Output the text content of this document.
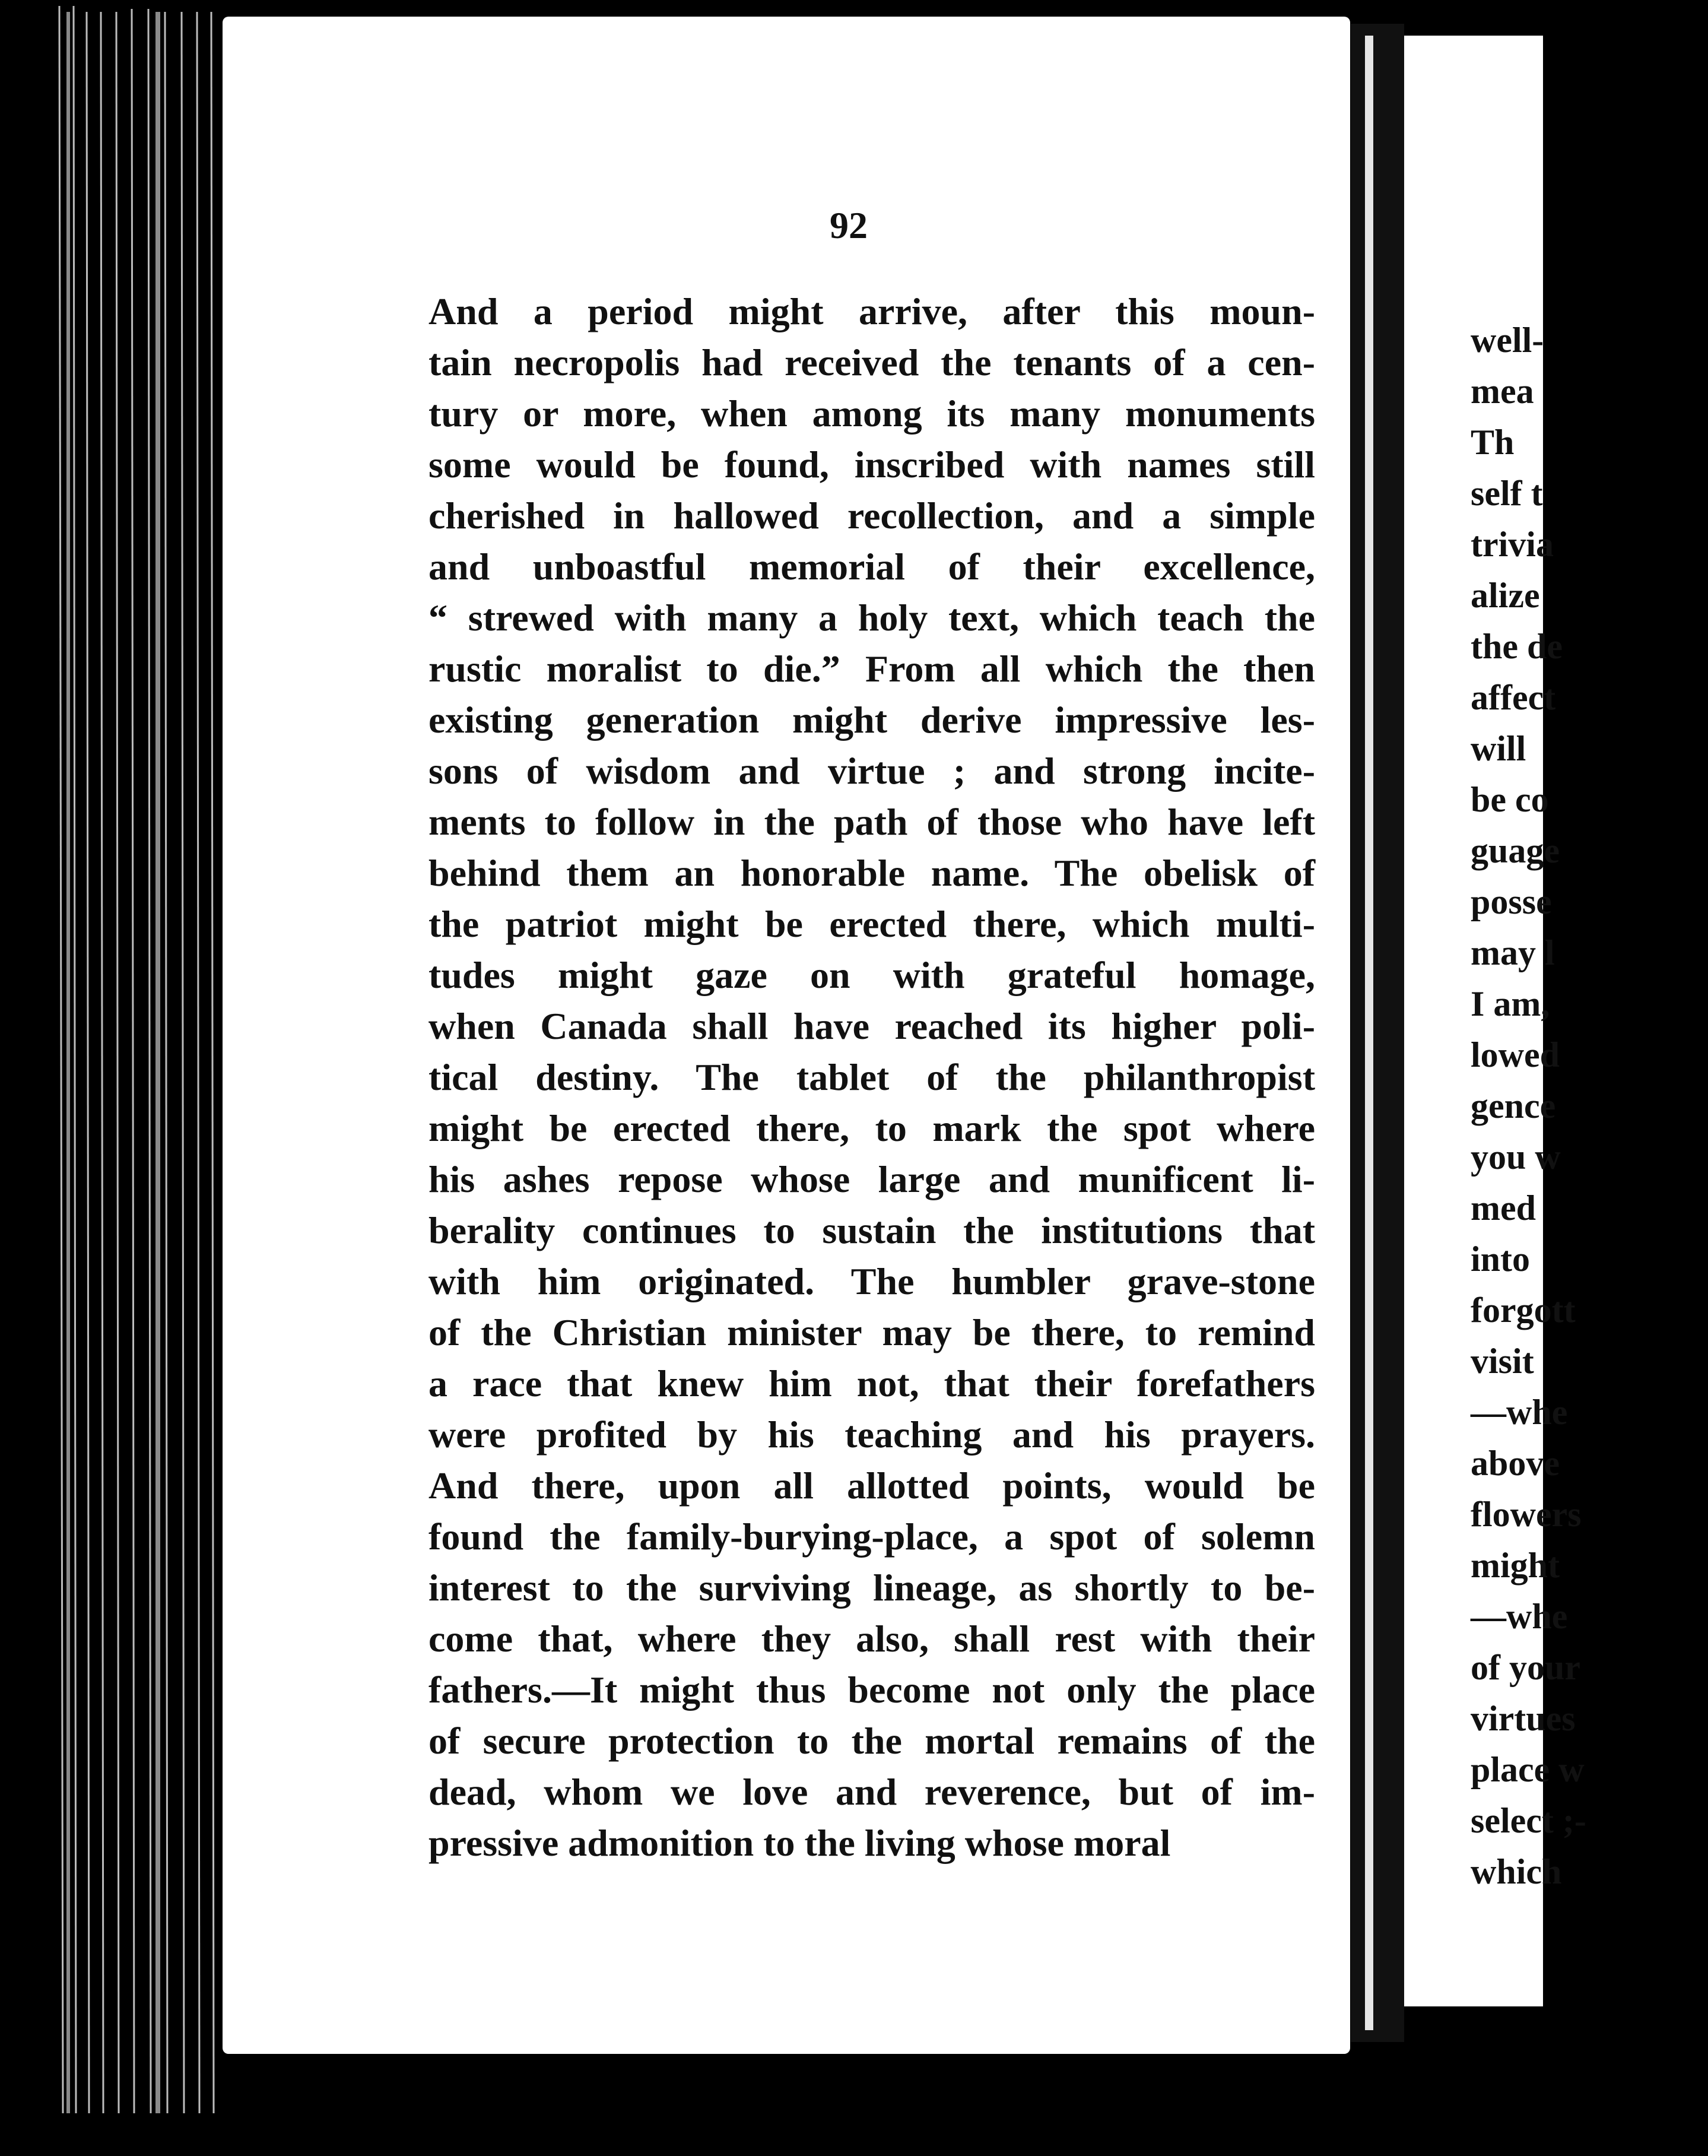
92
And a period might arrive, after this moun-
tain necropolis had received the tenants of a cen-
tury or more, when among its many monuments
some would be found, inscribed with names still
cherished in hallowed recollection, and a simple
and unboastful memorial of their excellence,
“ strewed with many a holy text, which teach the
rustic moralist to die.” From all which the then
existing generation might derive impressive les-
sons of wisdom and virtue ; and strong incite-
ments to follow in the path of those who have left
behind them an honorable name. The obelisk of
the patriot might be erected there, which multi-
tudes might gaze on with grateful homage,
when Canada shall have reached its higher poli-
tical destiny. The tablet of the philanthropist
might be erected there, to mark the spot where
his ashes repose whose large and munificent li-
berality continues to sustain the institutions that
with him originated. The humbler grave-stone
of the Christian minister may be there, to remind
a race that knew him not, that their forefathers
were profited by his teaching and his prayers.
And there, upon all allotted points, would be
found the family-burying-place, a spot of solemn
interest to the surviving lineage, as shortly to be-
come that, where they also, shall rest with their
fathers.—It might thus become not only the place
of secure protection to the mortal remains of the
dead, whom we love and reverence, but of im-
pressive admonition to the living whose moral
well-
mea
Th
self t
trivia
alize
the de
affect
will
be co
guage
posse
may l
I am,
lowed
gence
you w
med
into
forgott
visit
—whe
above
flowers
might
—whe
of your
virtues
place w
select ;-
which
